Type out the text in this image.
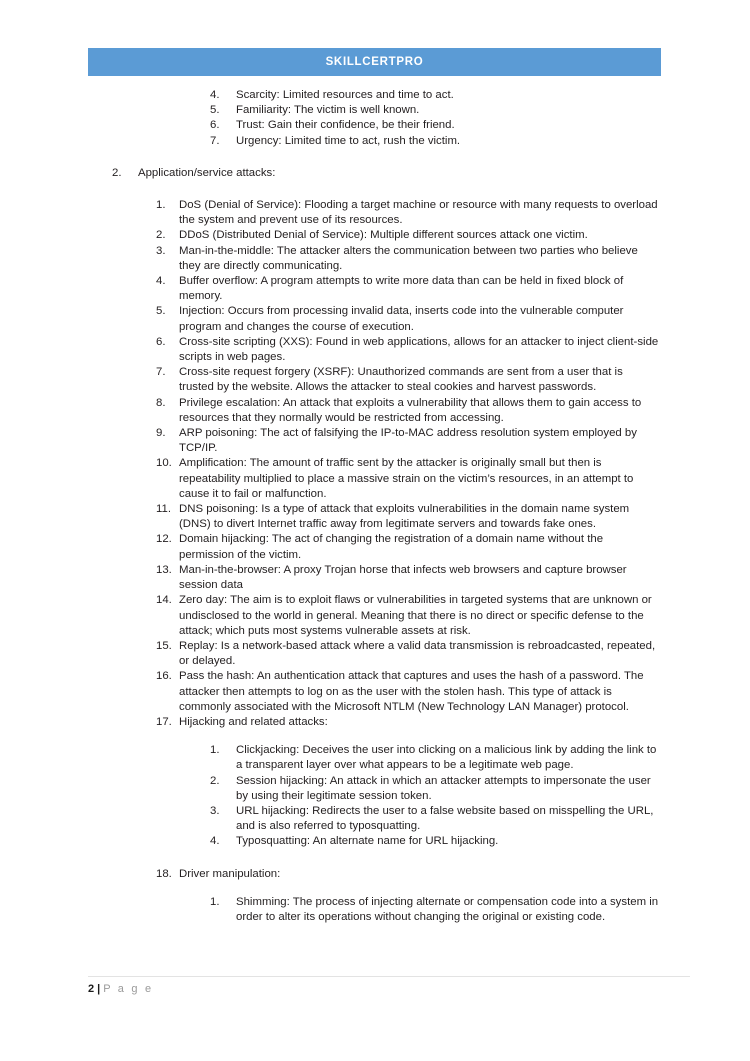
SKILLCERTPRO
4.	Scarcity: Limited resources and time to act.
5.	Familiarity: The victim is well known.
6.	Trust: Gain their confidence, be their friend.
7.	Urgency: Limited time to act, rush the victim.
2.	Application/service attacks:
1.	DoS (Denial of Service): Flooding a target machine or resource with many requests to overload the system and prevent use of its resources.
2.	DDoS (Distributed Denial of Service): Multiple different sources attack one victim.
3.	Man-in-the-middle: The attacker alters the communication between two parties who believe they are directly communicating.
4.	Buffer overflow: A program attempts to write more data than can be held in fixed block of memory.
5.	Injection: Occurs from processing invalid data, inserts code into the vulnerable computer program and changes the course of execution.
6.	Cross-site scripting (XXS): Found in web applications, allows for an attacker to inject client-side scripts in web pages.
7.	Cross-site request forgery (XSRF): Unauthorized commands are sent from a user that is trusted by the website. Allows the attacker to steal cookies and harvest passwords.
8.	Privilege escalation: An attack that exploits a vulnerability that allows them to gain access to resources that they normally would be restricted from accessing.
9.	ARP poisoning: The act of falsifying the IP-to-MAC address resolution system employed by TCP/IP.
10. Amplification: The amount of traffic sent by the attacker is originally small but then is repeatability multiplied to place a massive strain on the victim’s resources, in an attempt to cause it to fail or malfunction.
11. DNS poisoning: Is a type of attack that exploits vulnerabilities in the domain name system (DNS) to divert Internet traffic away from legitimate servers and towards fake ones.
12. Domain hijacking: The act of changing the registration of a domain name without the permission of the victim.
13. Man-in-the-browser: A proxy Trojan horse that infects web browsers and capture browser session data
14. Zero day: The aim is to exploit flaws or vulnerabilities in targeted systems that are unknown or undisclosed to the world in general. Meaning that there is no direct or specific defense to the attack; which puts most systems vulnerable assets at risk.
15. Replay: Is a network-based attack where a valid data transmission is rebroadcasted, repeated, or delayed.
16. Pass the hash: An authentication attack that captures and uses the hash of a password. The attacker then attempts to log on as the user with the stolen hash. This type of attack is commonly associated with the Microsoft NTLM (New Technology LAN Manager) protocol.
17. Hijacking and related attacks:
1.	Clickjacking: Deceives the user into clicking on a malicious link by adding the link to a transparent layer over what appears to be a legitimate web page.
2.	Session hijacking: An attack in which an attacker attempts to impersonate the user by using their legitimate session token.
3.	URL hijacking: Redirects the user to a false website based on misspelling the URL, and is also referred to typosquatting.
4.	Typosquatting: An alternate name for URL hijacking.
18. Driver manipulation:
1.	Shimming: The process of injecting alternate or compensation code into a system in order to alter its operations without changing the original or existing code.
2 | P a g e
